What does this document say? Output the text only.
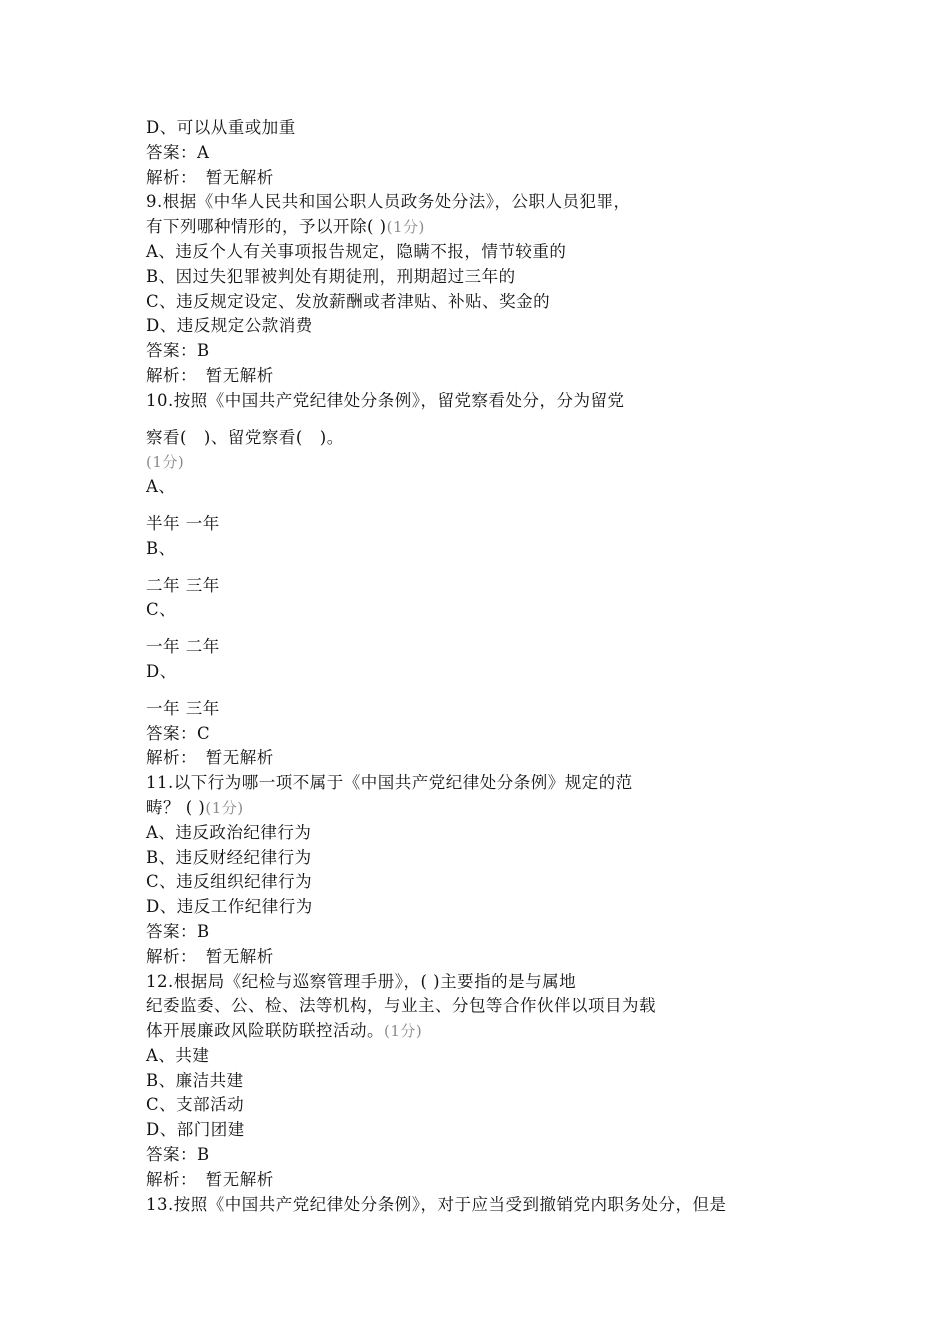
D、可以从重或加重
答案：A
解析：　暂无解析
9.根据《中华人民共和国公职人员政务处分法》，公职人员犯罪，
有下列哪种情形的，予以开除( )(1分)
A、违反个人有关事项报告规定，隐瞒不报，情节较重的
B、因过失犯罪被判处有期徒刑，刑期超过三年的
C、违反规定设定、发放薪酬或者津贴、补贴、奖金的
D、违反规定公款消费
答案：B
解析：　暂无解析
10.按照《中国共产党纪律处分条例》，留党察看处分，分为留党
察看(　)、留党察看(　)。
(1分)
A、
半年 一年
B、
二年 三年
C、
一年 二年
D、
一年 三年
答案：C
解析：　暂无解析
11.以下行为哪一项不属于《中国共产党纪律处分条例》规定的范
畴？ ( )(1分)
A、违反政治纪律行为
B、违反财经纪律行为
C、违反组织纪律行为
D、违反工作纪律行为
答案：B
解析：　暂无解析
12.根据局《纪检与巡察管理手册》，( )主要指的是与属地
纪委监委、公、检、法等机构，与业主、分包等合作伙伴以项目为载
体开展廉政风险联防联控活动。(1分)
A、共建
B、廉洁共建
C、支部活动
D、部门团建
答案：B
解析：　暂无解析
13.按照《中国共产党纪律处分条例》，对于应当受到撤销党内职务处分，但是
